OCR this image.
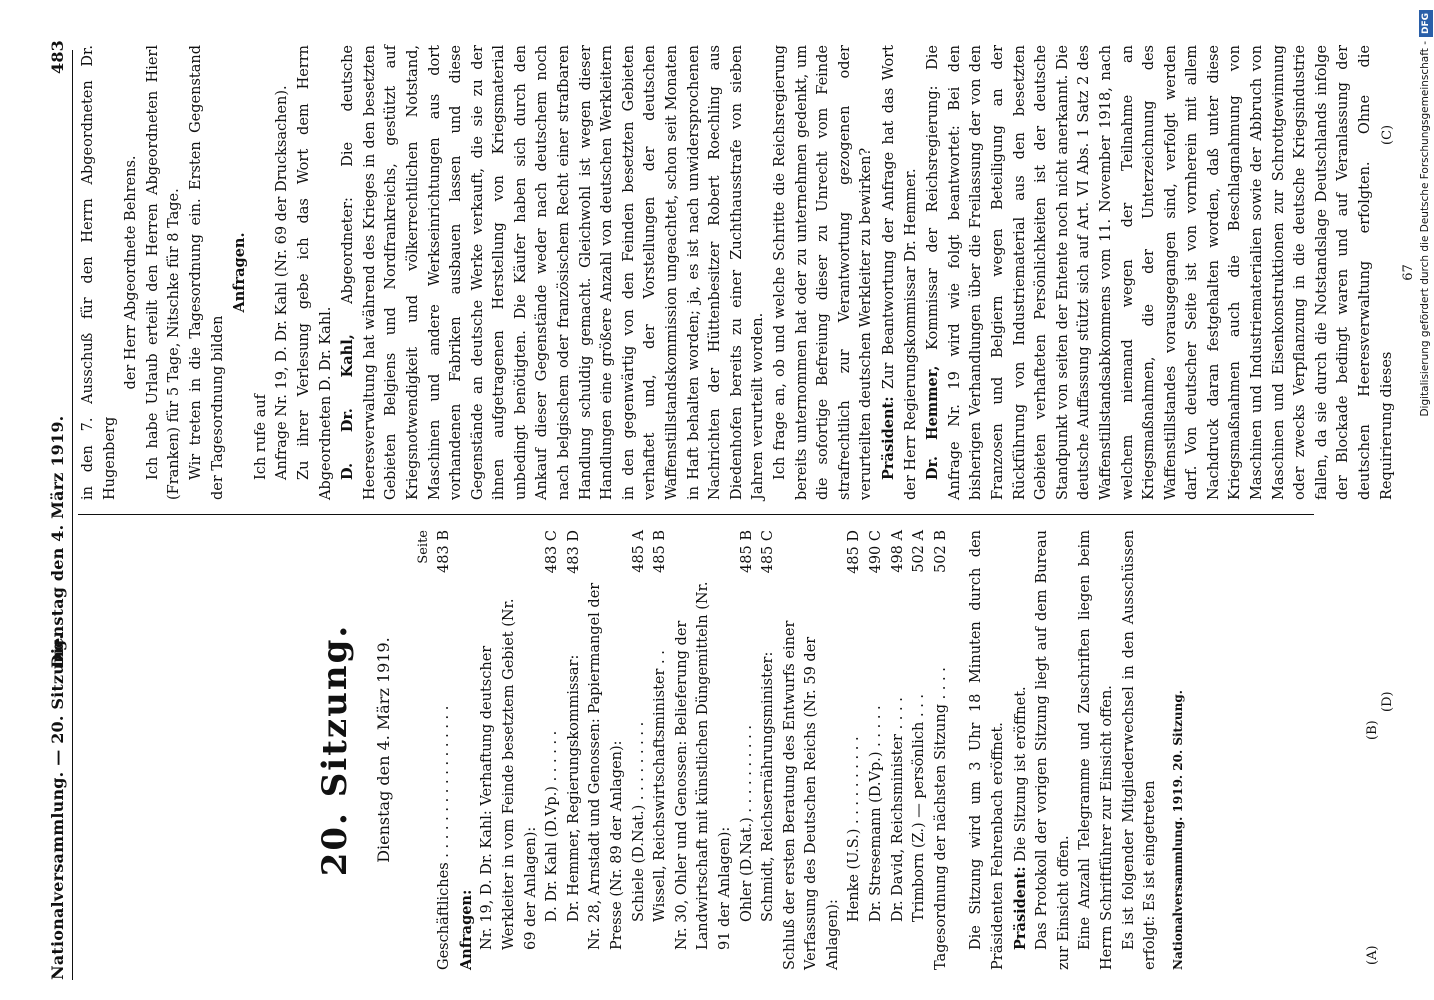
Nationalversammlung. — 20. Sitzung.
Dienstag den 4. März 1919.  483
(A)
(B)
(C)
(D)
20. Sitzung. Dienstag den 4. März 1919.
Seite
Geschäftliches . . . . . . . . . . . . . . . . .
483 B
Anfragen: Nr. 19, D. Dr. Kahl: Verhaftung deutscher Werkleiter in vom Feinde besetztem Gebiet (Nr. 69 der Anlagen): D. Dr. Kahl (D.Vp.) . . . . . .
483 C
Dr. Hemmer, Regierungskommissar:
483 D
Nr. 28, Arnstadt und Genossen: Papiermangel der Presse (Nr. 89 der Anlagen): Schiele (D.Nat.) . . . . . . . . .
485 A
Wissell, Reichswirtschaftsminister . .
485 B
Nr. 30, Ohler und Genossen: Belieferung der Landwirtschaft mit künstlichen Düngemitteln (Nr. 91 der Anlagen): Ohler (D.Nat.) . . . . . . . . . .
485 B
Schmidt, Reichsernährungsminister:
485 C
Schluß der ersten Beratung des Entwurfs einer Verfassung des Deutschen Reichs (Nr. 59 der Anlagen):
Henke (U.S.) . . . . . . . . . .
485 D
Dr. Stresemann (D.Vp.) . . . . .
490 C
Dr. David, Reichsminister . . . .
498 A
Trimborn (Z.) — persönlich . . .
502 A
Tagesordnung der nächsten Sitzung . . . .
502 B Die Sitzung wird um 3 Uhr 18 Minuten durch den Präsidenten Fehrenbach eröffnet. Präsident: Die Sitzung ist eröffnet. Das Protokoll der vorigen Sitzung liegt auf dem Bureau zur Einsicht offen. Eine Anzahl Telegramme und Zuschriften liegen beim Herrn Schriftführer zur Einsicht offen. Es ist folgender Mitgliederwechsel in den Ausschüssen erfolgt: Es ist eingetreten Nationalversammlung. 1919. 20. Sitzung.
in den 7. Ausschuß für den Herrn Abgeordneten Dr. Hugenberg
der Herr Abgeordnete Behrens. Ich habe Urlaub erteilt den Herren Abgeordneten Hierl (Franken) für 5 Tage, Nitschke für 8 Tage. Wir treten in die Tagesordnung ein. Ersten Gegenstand der Tagesordnung bilden
Anfragen.
Ich rufe auf Anfrage Nr. 19, D. Dr. Kahl (Nr. 69 der Drucksachen). Zu ihrer Verlesung gebe ich das Wort dem Herrn Abgeordneten D. Dr. Kahl. D. Dr. Kahl, Abgeordneter: Die deutsche Heeresverwaltung hat während des Krieges in den besetzten Gebieten Belgiens und Nordfrankreichs, gestützt auf Kriegsnotwendigkeit und völkerrechtlichen Notstand, Maschinen und andere Werkseinrichtungen aus dort vorhandenen Fabriken ausbauen lassen und diese Gegenstände an deutsche Werke verkauft, die sie zu der ihnen aufgetragenen Herstellung von Kriegsmaterial unbedingt benötigten. Die Käufer haben sich durch den Ankauf dieser Gegenstände weder nach deutschem noch nach belgischem oder französischem Recht einer strafbaren Handlung schuldig gemacht. Gleichwohl ist wegen dieser Handlungen eine größere Anzahl von deutschen Werkleitern in den gegenwärtig von den Feinden besetzten Gebieten verhaftet und, der Vorstellungen der deutschen Waffenstillstandskommission ungeachtet, schon seit Monaten in Haft behalten worden; ja, es ist nach unwidersprochenen Nachrichten der Hüttenbesitzer Robert Roechling aus Diedenhofen bereits zu einer Zuchthausstrafe von sieben Jahren verurteilt worden. Ich frage an, ob und welche Schritte die Reichsregierung bereits unternommen hat oder zu unternehmen gedenkt, um die sofortige Befreiung dieser zu Unrecht vom Feinde strafrechtlich zur Verantwortung gezogenen oder verurteilten deutschen Werkleiter zu bewirken? Präsident: Zur Beantwortung der Anfrage hat das Wort der Herr Regierungskommissar Dr. Hemmer. Dr. Hemmer, Kommissar der Reichsregierung: Die Anfrage Nr. 19 wird wie folgt beantwortet: Bei den bisherigen Verhandlungen über die Freilassung der von den Franzosen und Belgiern wegen Beteiligung an der Rückführung von Industriematerial aus den besetzten Gebieten verhafteten Persönlichkeiten ist der deutsche Standpunkt von seiten der Entente noch nicht anerkannt. Die deutsche Auffassung stützt sich auf Art. VI Abs. 1 Satz 2 des Waffenstillstandsabkommens vom 11. November 1918, nach welchem niemand wegen der Teilnahme an Kriegsmaßnahmen, die der Unterzeichnung des Waffenstillstandes vorausgegangen sind, verfolgt werden darf. Von deutscher Seite ist von vornherein mit allem Nachdruck daran festgehalten worden, daß unter diese Kriegsmaßnahmen auch die Beschlagnahmung von Maschinen und Industriematerialien sowie der Abbruch von Maschinen und Eisenkonstruktionen zur Schrottgewinnung oder zwecks Verpflanzung in die deutsche Kriegsindustrie fallen, da sie durch die Notstandslage Deutschlands infolge der Blockade bedingt waren und auf Veranlassung der deutschen Heeresverwaltung erfolgten. Ohne die Requirierung dieses
67 Digitalisierung gefördert durch die Deutsche Forschungsgemeinschaft -DFG
